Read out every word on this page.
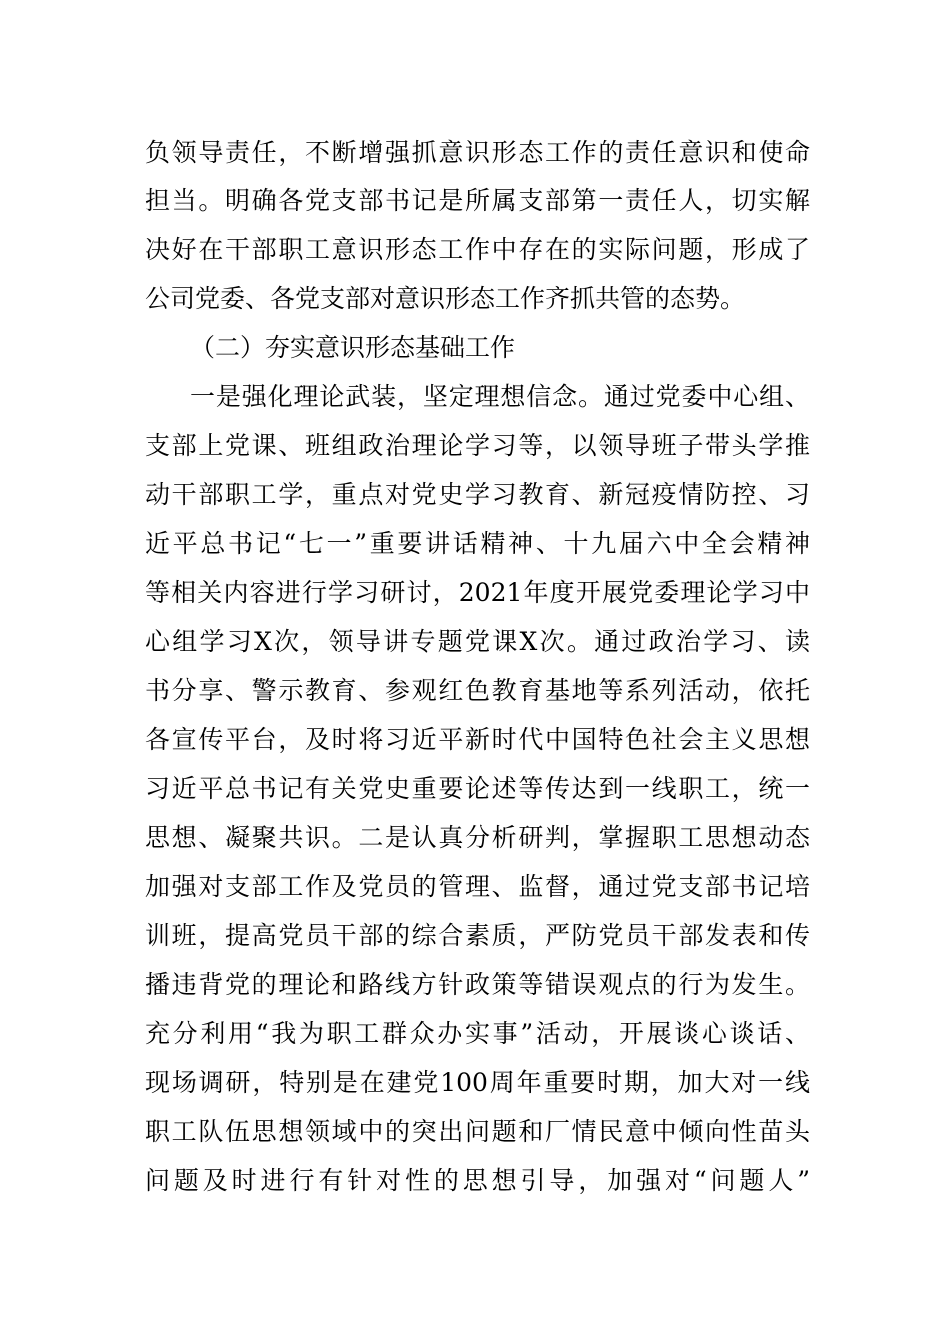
负领导责任，不断增强抓意识形态工作的责任意识和使命
担当。明确各党支部书记是所属支部第一责任人，切实解
决好在干部职工意识形态工作中存在的实际问题，形成了
公司党委、各党支部对意识形态工作齐抓共管的态势。
（二）夯实意识形态基础工作
一是强化理论武装，坚定理想信念。通过党委中心组、
支部上党课、班组政治理论学习等，以领导班子带头学推
动干部职工学，重点对党史学习教育、新冠疫情防控、习
近平总书记“七一”重要讲话精神、十九届六中全会精神
等相关内容进行学习研讨，2021年度开展党委理论学习中
心组学习X次，领导讲专题党课X次。通过政治学习、读
书分享、警示教育、参观红色教育基地等系列活动，依托
各宣传平台，及时将习近平新时代中国特色社会主义思想
习近平总书记有关党史重要论述等传达到一线职工，统一
思想、凝聚共识。二是认真分析研判，掌握职工思想动态
加强对支部工作及党员的管理、监督，通过党支部书记培
训班，提高党员干部的综合素质，严防党员干部发表和传
播违背党的理论和路线方针政策等错误观点的行为发生。
充分利用“我为职工群众办实事”活动，开展谈心谈话、
现场调研，特别是在建党100周年重要时期，加大对一线
职工队伍思想领域中的突出问题和厂情民意中倾向性苗头
问题及时进行有针对性的思想引导，加强对“问题人”
